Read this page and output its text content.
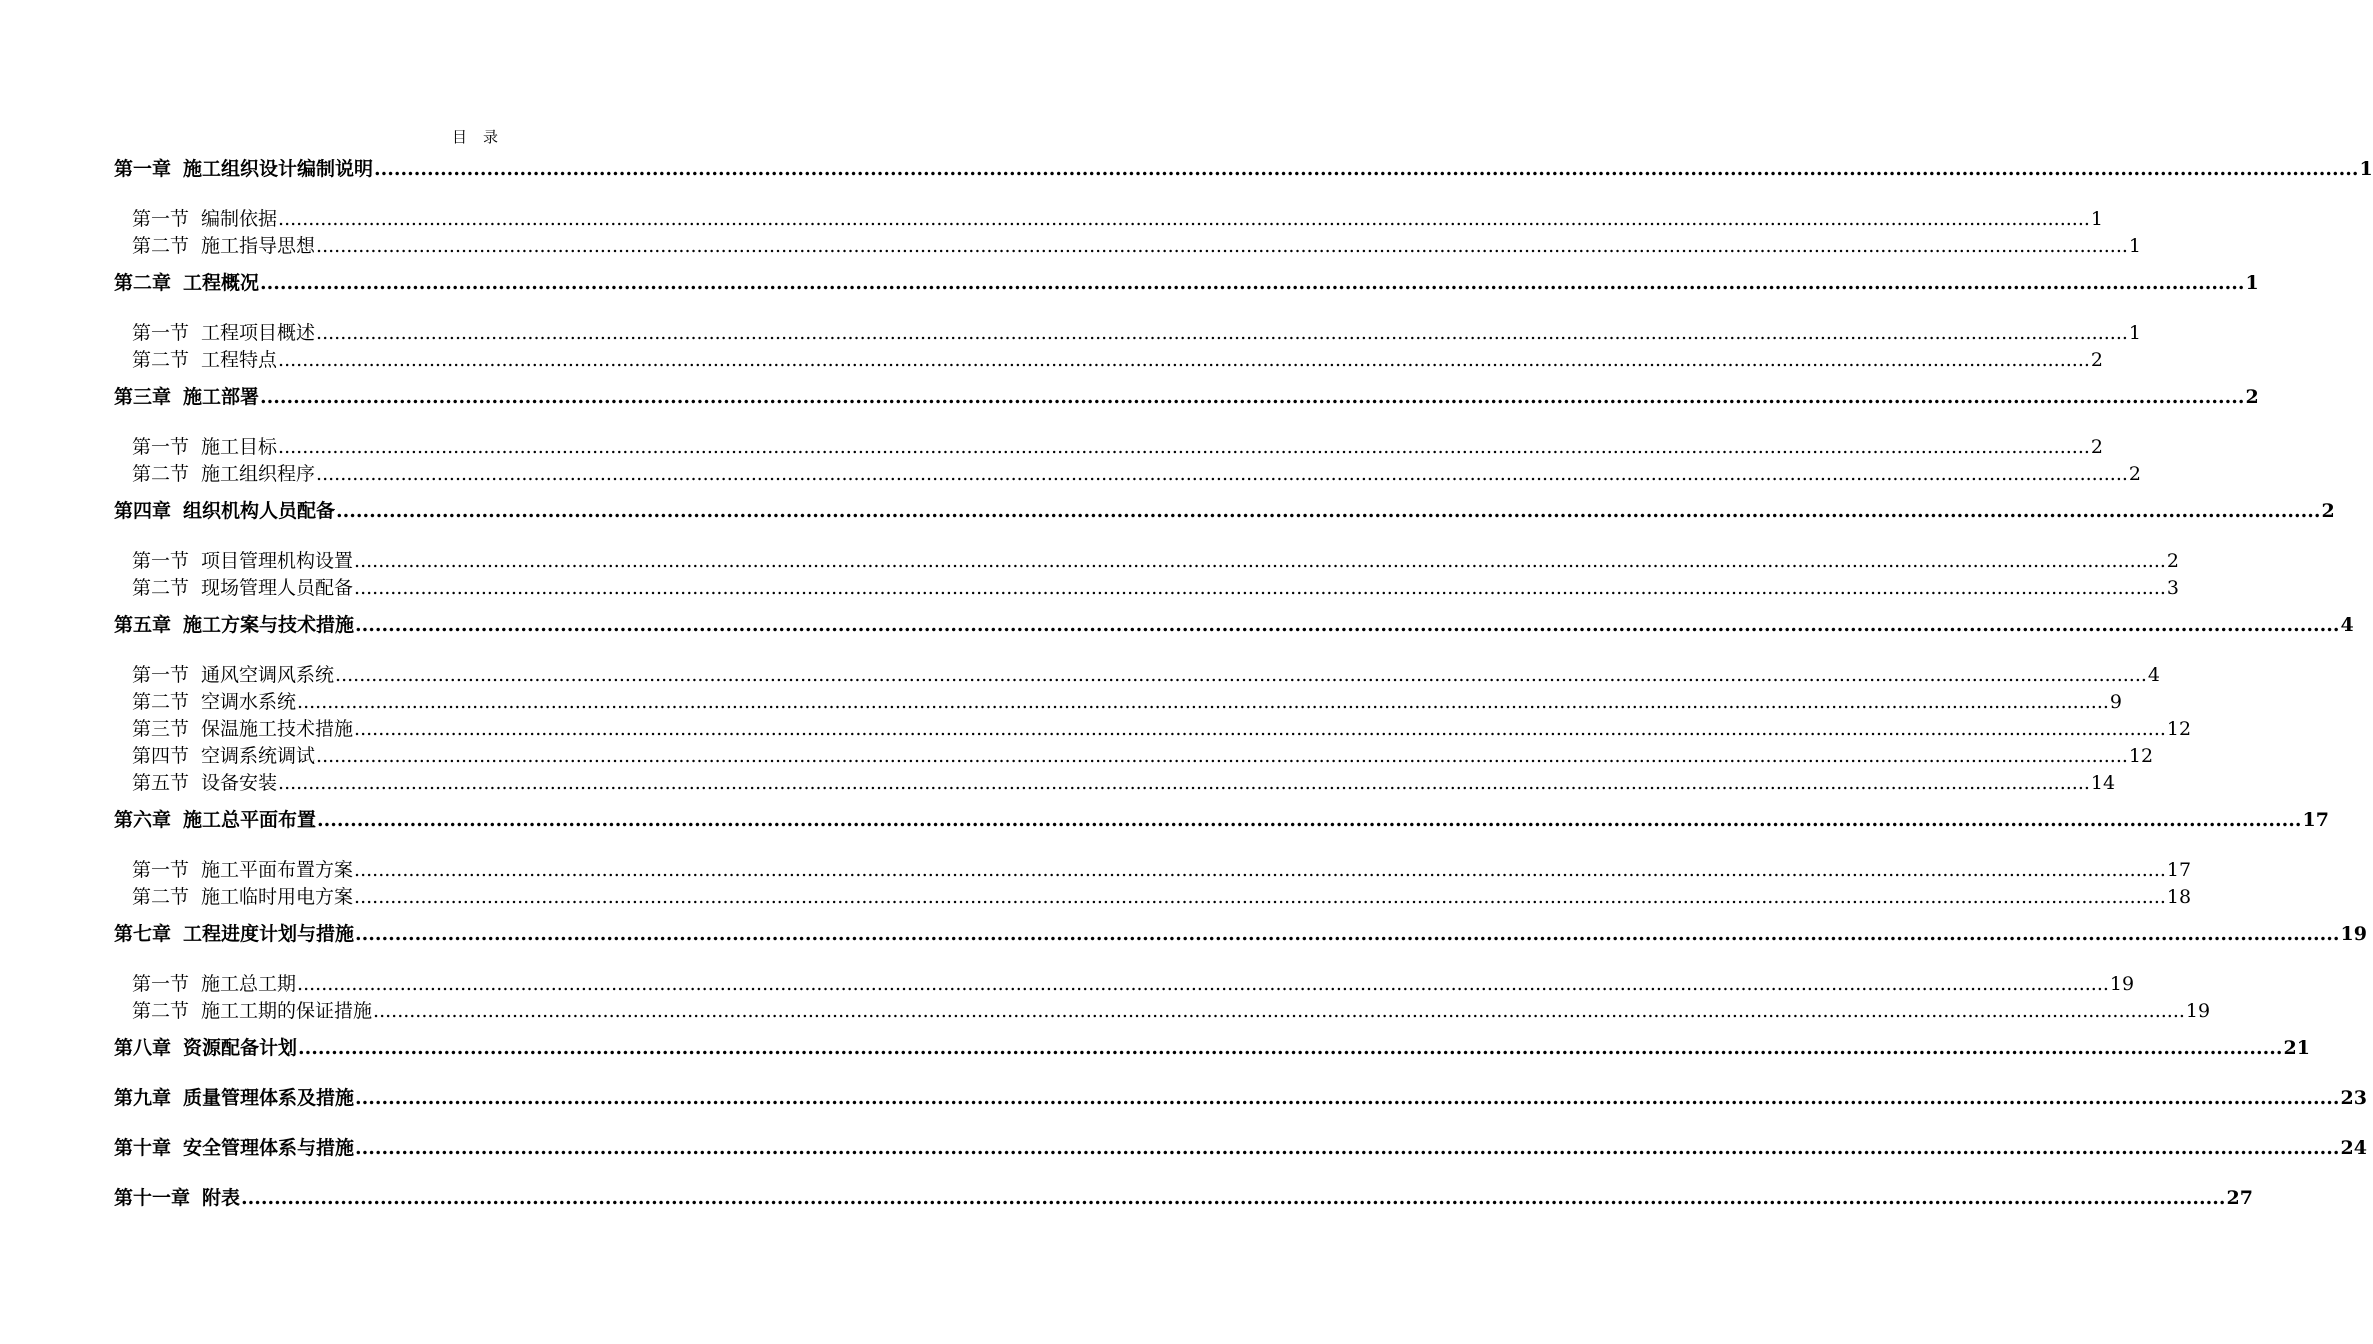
目 录
第一章 施工组织设计编制说明 ............................................................................................................................................................................................................................................................................................................ 1
第一节 编制依据 ............................................................................................................................................................................................................................................................................................................ 1
第二节 施工指导思想 ............................................................................................................................................................................................................................................................................................................ 1
第二章 工程概况 ............................................................................................................................................................................................................................................................................................................ 1
第一节 工程项目概述 ............................................................................................................................................................................................................................................................................................................ 1
第二节 工程特点 ............................................................................................................................................................................................................................................................................................................ 2
第三章 施工部署 ............................................................................................................................................................................................................................................................................................................ 2
第一节 施工目标 ............................................................................................................................................................................................................................................................................................................ 2
第二节 施工组织程序 ............................................................................................................................................................................................................................................................................................................ 2
第四章 组织机构人员配备 ............................................................................................................................................................................................................................................................................................................ 2
第一节 项目管理机构设置 ............................................................................................................................................................................................................................................................................................................ 2
第二节 现场管理人员配备 ............................................................................................................................................................................................................................................................................................................ 3
第五章 施工方案与技术措施 ............................................................................................................................................................................................................................................................................................................ 4
第一节 通风空调风系统 ............................................................................................................................................................................................................................................................................................................ 4
第二节 空调水系统 ............................................................................................................................................................................................................................................................................................................ 9
第三节 保温施工技术措施 ............................................................................................................................................................................................................................................................................................................ 12
第四节 空调系统调试 ............................................................................................................................................................................................................................................................................................................ 12
第五节 设备安装 ............................................................................................................................................................................................................................................................................................................ 14
第六章 施工总平面布置 ............................................................................................................................................................................................................................................................................................................ 17
第一节 施工平面布置方案 ............................................................................................................................................................................................................................................................................................................ 17
第二节 施工临时用电方案 ............................................................................................................................................................................................................................................................................................................ 18
第七章 工程进度计划与措施 ............................................................................................................................................................................................................................................................................................................ 19
第一节 施工总工期 ............................................................................................................................................................................................................................................................................................................ 19
第二节 施工工期的保证措施 ............................................................................................................................................................................................................................................................................................................ 19
第八章 资源配备计划 ............................................................................................................................................................................................................................................................................................................ 21
第九章 质量管理体系及措施 ............................................................................................................................................................................................................................................................................................................ 23
第十章 安全管理体系与措施 ............................................................................................................................................................................................................................................................................................................ 24
第十一章 附表 ............................................................................................................................................................................................................................................................................................................ 27
